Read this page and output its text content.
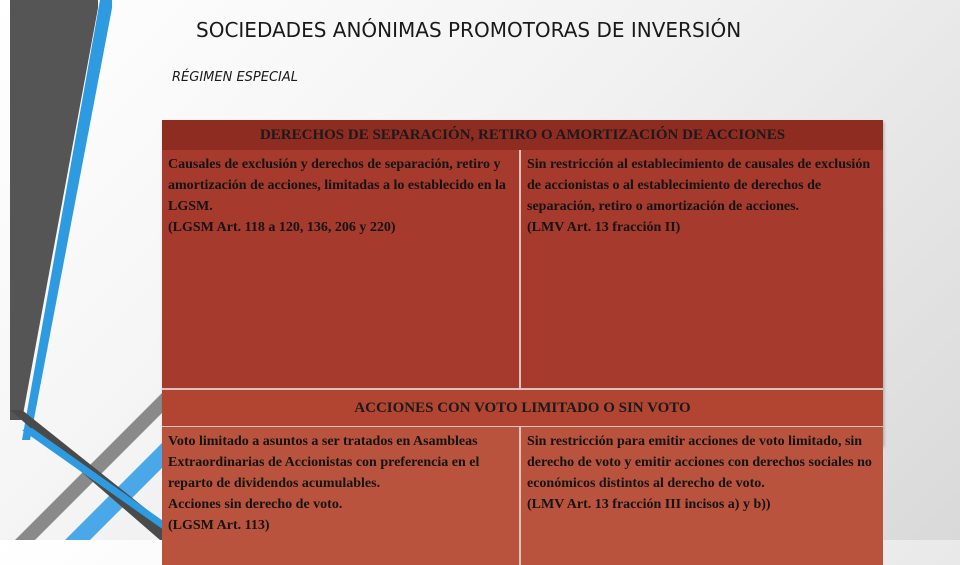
SOCIEDADES ANÓNIMAS PROMOTORAS DE INVERSIÓN
RÉGIMEN ESPECIAL
DERECHOS DE SEPARACIÓN, RETIRO O AMORTIZACIÓN DE ACCIONES

Causales de exclusión y derechos de separación, retiro y amortización de acciones, limitadas a lo establecido en la LGSM.

(LGSM Art. 118 a 120, 136, 206 y 220)

Sin restricción al establecimiento de causales de exclusión de accionistas o al establecimiento de derechos de separación, retiro o amortización de acciones.

(LMV Art. 13 fracción II)

ACCIONES CON VOTO LIMITADO O SIN VOTO

Voto limitado a asuntos a ser tratados en Asambleas Extraordinarias de Accionistas con preferencia en el reparto de dividendos acumulables.

Acciones sin derecho de voto.

(LGSM Art. 113)

Sin restricción para emitir acciones de voto limitado, sin derecho de voto y emitir acciones con derechos sociales no económicos distintos al derecho de voto.

(LMV Art. 13 fracción III incisos a) y b))
